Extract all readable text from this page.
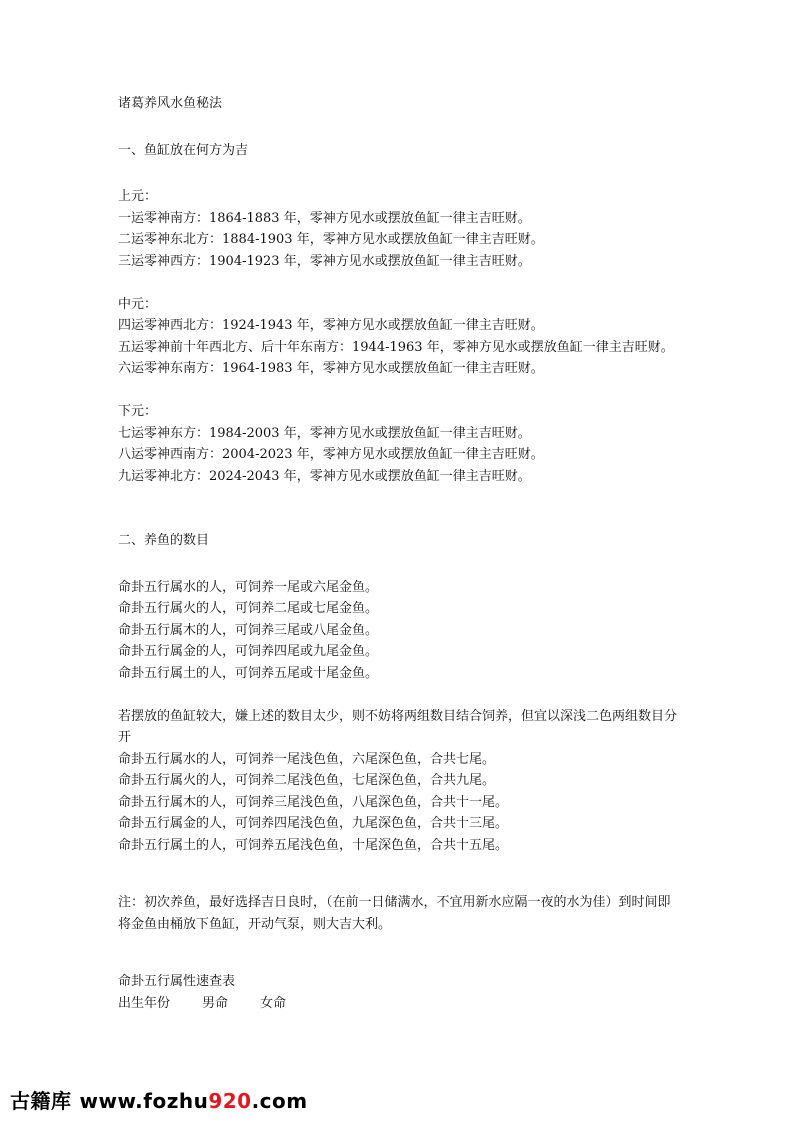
诸葛养风水鱼秘法
一、鱼缸放在何方为吉
上元：
一运零神南方：1864-1883 年，零神方见水或摆放鱼缸一律主吉旺财。
二运零神东北方：1884-1903 年，零神方见水或摆放鱼缸一律主吉旺财。
三运零神西方：1904-1923 年，零神方见水或摆放鱼缸一律主吉旺财。
中元：
四运零神西北方：1924-1943 年，零神方见水或摆放鱼缸一律主吉旺财。
五运零神前十年西北方、后十年东南方：1944-1963 年，零神方见水或摆放鱼缸一律主吉旺财。
六运零神东南方：1964-1983 年，零神方见水或摆放鱼缸一律主吉旺财。
下元：
七运零神东方：1984-2003 年，零神方见水或摆放鱼缸一律主吉旺财。
八运零神西南方：2004-2023 年，零神方见水或摆放鱼缸一律主吉旺财。
九运零神北方：2024-2043 年，零神方见水或摆放鱼缸一律主吉旺财。
二、养鱼的数目
命卦五行属水的人，可饲养一尾或六尾金鱼。
命卦五行属火的人，可饲养二尾或七尾金鱼。
命卦五行属木的人，可饲养三尾或八尾金鱼。
命卦五行属金的人，可饲养四尾或九尾金鱼。
命卦五行属土的人，可饲养五尾或十尾金鱼。
若摆放的鱼缸较大，嫌上述的数目太少，则不妨将两组数目结合饲养，但宜以深浅二色两组数目分开
命卦五行属水的人，可饲养一尾浅色鱼，六尾深色鱼，合共七尾。
命卦五行属火的人，可饲养二尾浅色鱼，七尾深色鱼，合共九尾。
命卦五行属木的人，可饲养三尾浅色鱼，八尾深色鱼，合共十一尾。
命卦五行属金的人，可饲养四尾浅色鱼，九尾深色鱼，合共十三尾。
命卦五行属土的人，可饲养五尾浅色鱼，十尾深色鱼，合共十五尾。
注：初次养鱼，最好选择吉日良时，（在前一日储满水，不宜用新水应隔一夜的水为佳）到时间即将金鱼由桶放下鱼缸，开动气泵，则大吉大利。
命卦五行属性速查表
出生年份 男命 女命
古籍库 www.fozhu920.com
